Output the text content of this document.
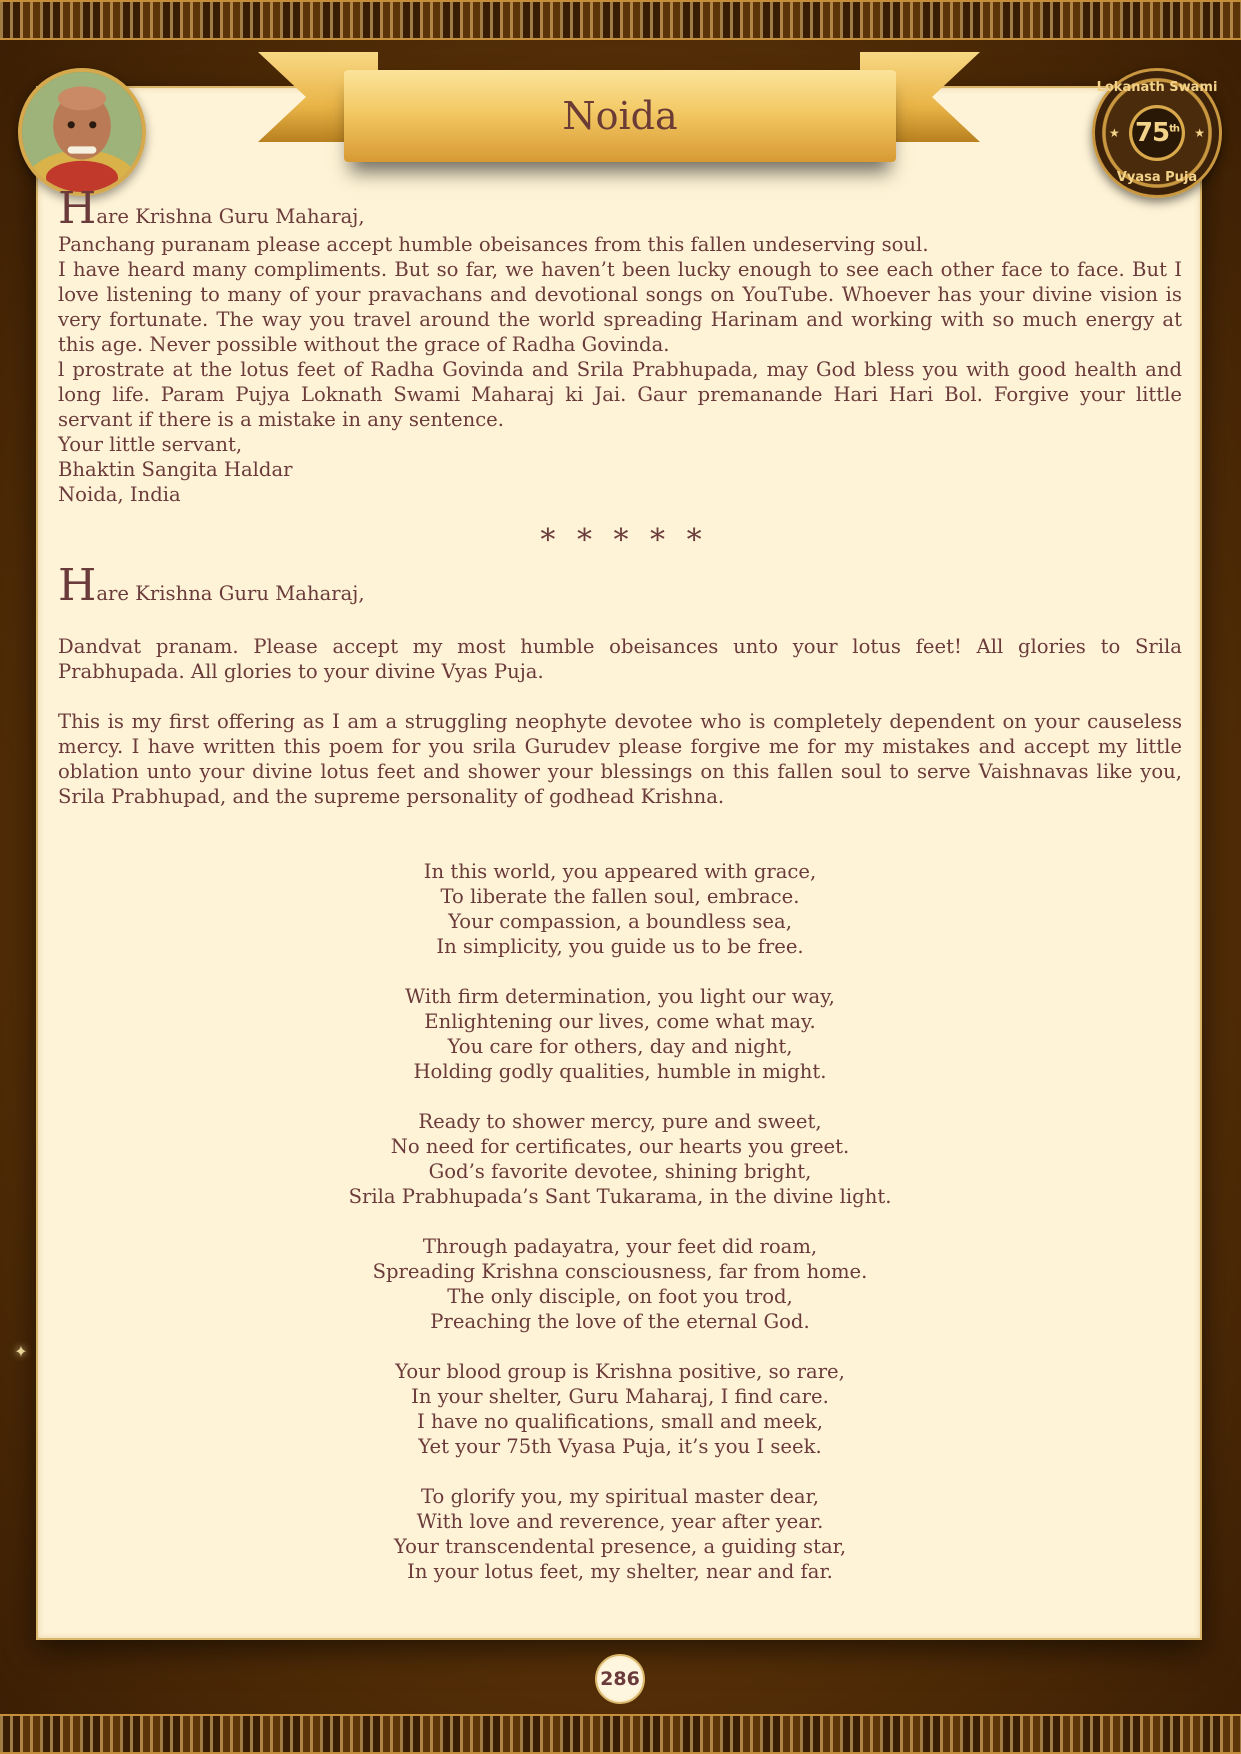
✦
Noida
Lokanath Swami
★	★
75th
Vyasa Puja

Hare Krishna Guru Maharaj,

Panchang puranam please accept humble obeisances from this fallen undeserving soul.

I have heard many compliments. But so far, we haven’t been lucky enough to see each other face to face. But I love listening to many of your pravachans and devotional songs on YouTube. Whoever has your divine vision is very fortunate. The way you travel around the world spreading Harinam and working with so much energy at this age. Never possible without the grace of Radha Govinda.

l prostrate at the lotus feet of Radha Govinda and Srila Prabhupada, may God bless you with good health and long life. Param Pujya Loknath Swami Maharaj ki Jai. Gaur premanande Hari Hari Bol. Forgive your little servant if there is a mistake in any sentence.

Your little servant,

Bhaktin Sangita Haldar

Noida, India

* * * * *

Hare Krishna Guru Maharaj,

Dandvat pranam. Please accept my most humble obeisances unto your lotus feet! All glories to Srila Prabhupada. All glories to your divine Vyas Puja.

This is my first offering as I am a struggling neophyte devotee who is completely dependent on your causeless mercy. I have written this poem for you srila Gurudev please forgive me for my mistakes and accept my little oblation unto your divine lotus feet and shower your blessings on this fallen soul to serve Vaishnavas like you, Srila Prabhupad, and the supreme personality of godhead Krishna.

In this world, you appeared with grace,
To liberate the fallen soul, embrace.
Your compassion, a boundless sea,
In simplicity, you guide us to be free.
With firm determination, you light our way,
Enlightening our lives, come what may.
You care for others, day and night,
Holding godly qualities, humble in might.
Ready to shower mercy, pure and sweet,
No need for certificates, our hearts you greet.
God’s favorite devotee, shining bright,
Srila Prabhupada’s Sant Tukarama, in the divine light.
Through padayatra, your feet did roam,
Spreading Krishna consciousness, far from home.
The only disciple, on foot you trod,
Preaching the love of the eternal God.
Your blood group is Krishna positive, so rare,
In your shelter, Guru Maharaj, I find care.
I have no qualifications, small and meek,
Yet your 75th Vyasa Puja, it’s you I seek.
To glorify you, my spiritual master dear,
With love and reverence, year after year.
Your transcendental presence, a guiding star,
In your lotus feet, my shelter, near and far.
286
